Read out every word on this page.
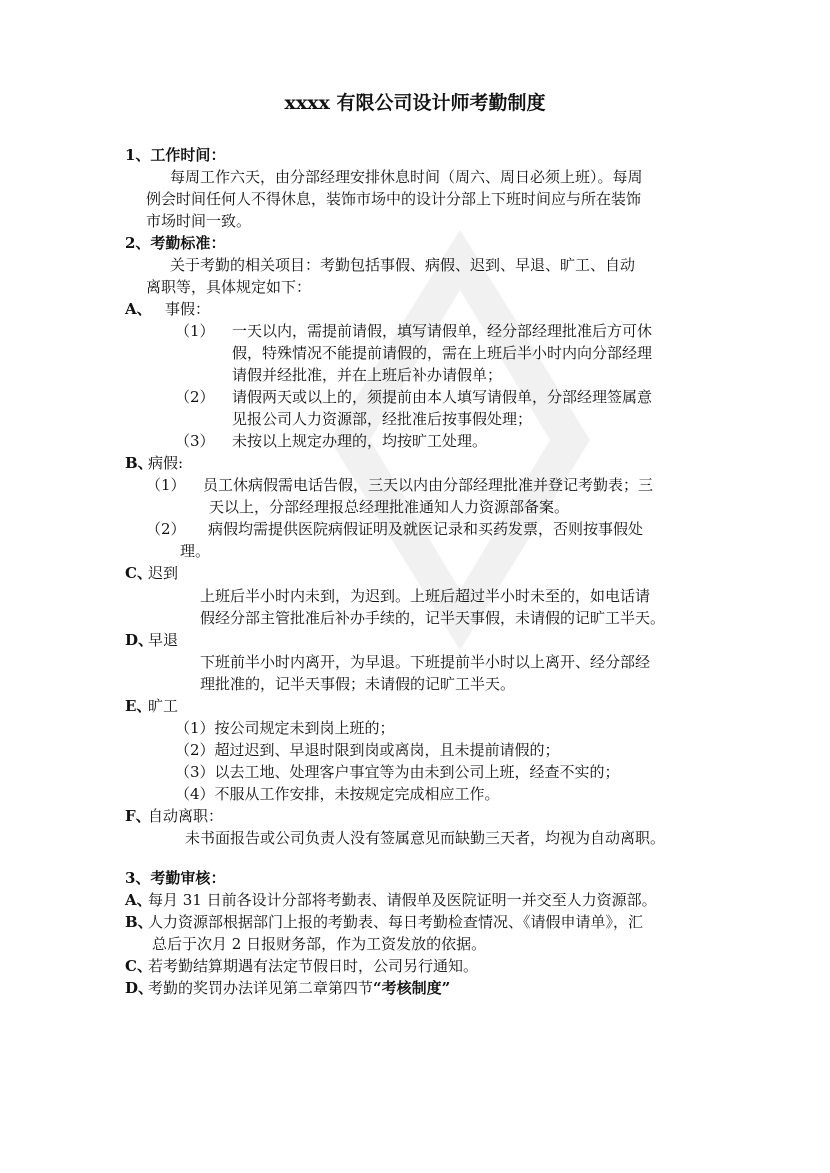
xxxx 有限公司设计师考勤制度
1、工作时间：
每周工作六天，由分部经理安排休息时间（周六、周日必须上班）。每周
例会时间任何人不得休息，装饰市场中的设计分部上下班时间应与所在装饰
市场时间一致。
2、考勤标准：
关于考勤的相关项目：考勤包括事假、病假、迟到、早退、旷工、自动
离职等，具体规定如下：
A、 事假：
（1） 一天以内，需提前请假，填写请假单，经分部经理批准后方可休
假，特殊情况不能提前请假的，需在上班后半小时内向分部经理
请假并经批准，并在上班后补办请假单；
（2） 请假两天或以上的，须提前由本人填写请假单，分部经理签属意
见报公司人力资源部，经批准后按事假处理；
（3） 未按以上规定办理的，均按旷工处理。
B、
病假:
（1） 员工休病假需电话告假，三天以内由分部经理批准并登记考勤表；三
天以上，分部经理报总经理批准通知人力资源部备案。
（2） 病假均需提供医院病假证明及就医记录和买药发票，否则按事假处
理。
C、
迟到
上班后半小时内未到，为迟到。上班后超过半小时未至的，如电话请
假经分部主管批准后补办手续的，记半天事假，未请假的记旷工半天。
D、
早退
下班前半小时内离开，为早退。下班提前半小时以上离开、经分部经
理批准的，记半天事假；未请假的记旷工半天。
E、
旷工
（1）按公司规定未到岗上班的；
（2）超过迟到、早退时限到岗或离岗，且未提前请假的；
（3）以去工地、处理客户事宜等为由未到公司上班，经查不实的；
（4）不服从工作安排，未按规定完成相应工作。
F、
自动离职：
未书面报告或公司负责人没有签属意见而缺勤三天者，均视为自动离职。
3、考勤审核：
A、
每月 31 日前各设计分部将考勤表、请假单及医院证明一并交至人力资源部。
B、
人力资源部根据部门上报的考勤表、每日考勤检查情况、《请假申请单》，汇
总后于次月 2 日报财务部，作为工资发放的依据。
C、
若考勤结算期遇有法定节假日时，公司另行通知。
D、
考勤的奖罚办法详见第二章第四节“考核制度”
